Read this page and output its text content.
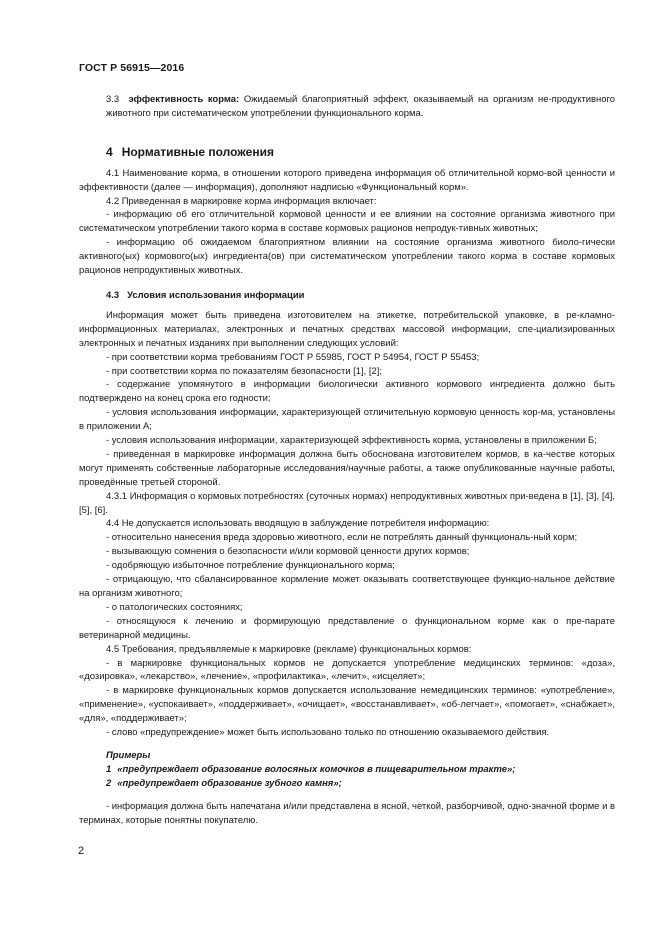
ГОСТ Р 56915—2016

3.3 эффективность корма: Ожидаемый благоприятный эффект, оказываемый на организм не-продуктивного животного при систематическом употреблении функционального корма.

4 Нормативные положения

4.1 Наименование корма, в отношении которого приведена информация об отличительной кормо-вой ценности и эффективности (далее — информация), дополняют надписью «Функциональный корм».

4.2 Приведенная в маркировке корма информация включает:

- информацию об его отличительной кормовой ценности и ее влиянии на состояние организма животного при систематическом употреблении такого корма в составе кормовых рационов непродук-тивных животных;

- информацию об ожидаемом благоприятном влиянии на состояние организма животного биоло-гически активного(ых) кормового(ых) ингредиента(ов) при систематическом употреблении такого корма в составе кормовых рационов непродуктивных животных.

4.3 Условия использования информации

Информация может быть приведена изготовителем на этикетке, потребительской упаковке, в ре-кламно-информационных материалах, электронных и печатных средствах массовой информации, спе-циализированных электронных и печатных изданиях при выполнении следующих условий:

- при соответствии корма требованиям ГОСТ Р 55985, ГОСТ Р 54954, ГОСТ Р 55453;

- при соответствии корма по показателям безопасности [1], [2];

- содержание упомянутого в информации биологически активного кормового ингредиента должно быть подтверждено на конец срока его годности;

- условия использования информации, характеризующей отличительную кормовую ценность кор-ма, установлены в приложении А;

- условия использования информации, характеризующей эффективность корма, установлены в приложении Б;

- приведенная в маркировке информация должна быть обоснована изготовителем кормов, в ка-честве которых могут применять собственные лабораторные исследования/научные работы, а также опубликованные научные работы, проведённые третьей стороной.

4.3.1 Информация о кормовых потребностях (суточных нормах) непродуктивных животных при-ведена в [1], [3], [4], [5], [6].

4.4 Не допускается использовать вводящую в заблуждение потребителя информацию:

- относительно нанесения вреда здоровью животного, если не потреблять данный функциональ-ный корм;

- вызывающую сомнения о безопасности и/или кормовой ценности других кормов;

- одобряющую избыточное потребление функционального корма;

- отрицающую, что сбалансированное кормление может оказывать соответствующее функцио-нальное действие на организм животного;

- о патологических состояниях;

- относящуюся к лечению и формирующую представление о функциональном корме как о пре-парате ветеринарной медицины.

4.5 Требования, предъявляемые к маркировке (рекламе) функциональных кормов:

- в маркировке функциональных кормов не допускается употребление медицинских терминов: «доза», «дозировка», «лекарство», «лечение», «профилактика», «лечит», «исцеляет»;

- в маркировке функциональных кормов допускается использование немедицинских терминов: «употребление», «применение», «успокаивает», «поддерживает», «очищает», «восстанавливает», «об-легчает», «помогает», «снабжает», «для», «поддерживает»;

- слово «предупреждение» может быть использовано только по отношению оказываемого действия.

Примеры

1 «предупреждает образование волосяных комочков в пищеварительном тракте»;

2 «предупреждает образование зубного камня»;

- информация должна быть напечатана и/или представлена в ясной, четкой, разборчивой, одно-значной форме и в терминах, которые понятны покупателю.

2
